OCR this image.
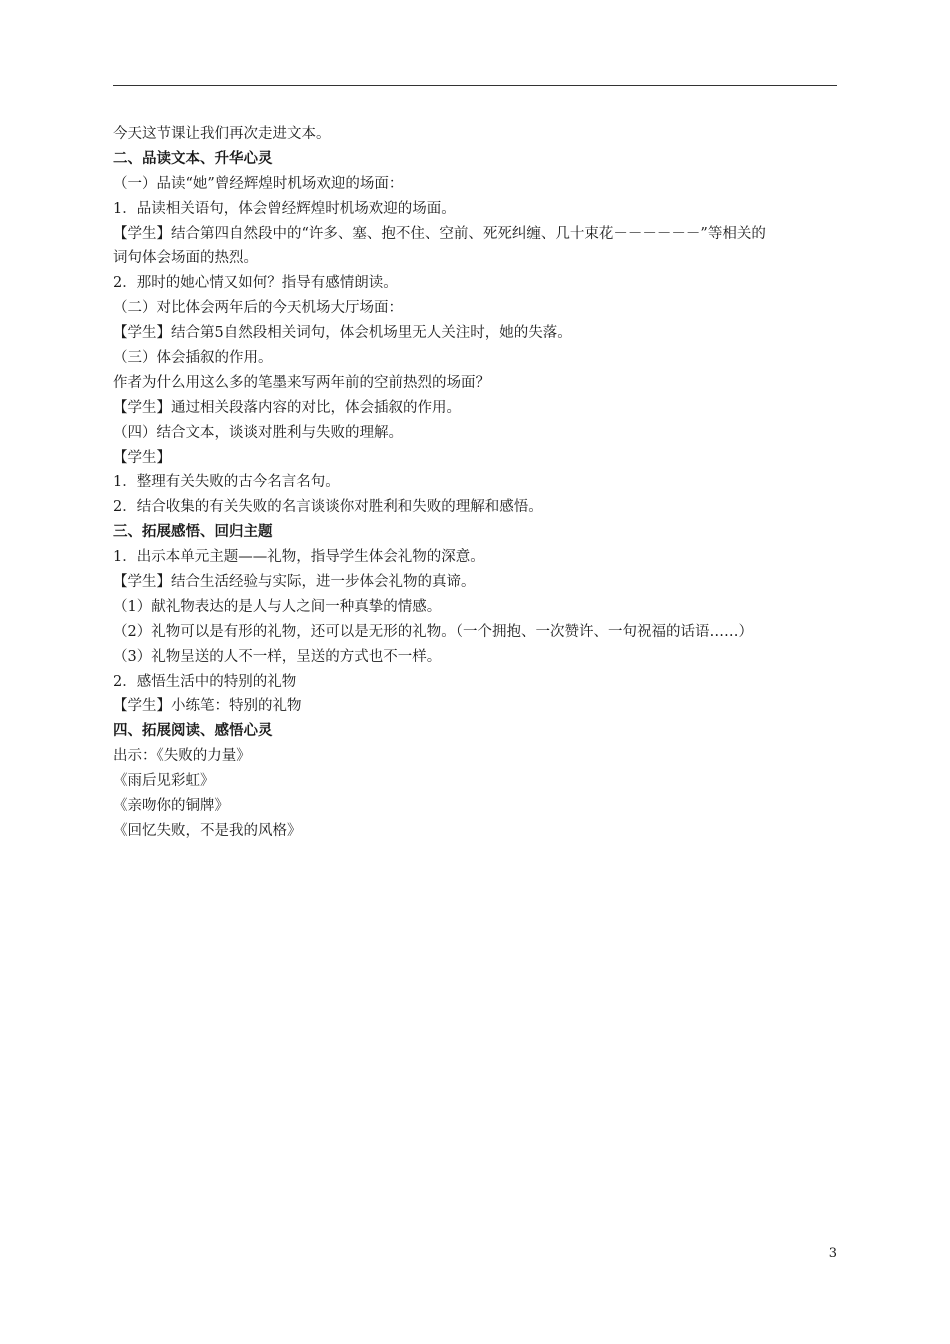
今天这节课让我们再次走进文本。
二、品读文本、升华心灵
（一）品读“她”曾经辉煌时机场欢迎的场面：
1．品读相关语句，体会曾经辉煌时机场欢迎的场面。
【学生】结合第四自然段中的“许多、塞、抱不住、空前、死死纠缠、几十束花－－－－－－”等相关的
词句体会场面的热烈。
2．那时的她心情又如何？指导有感情朗读。
（二）对比体会两年后的今天机场大厅场面：
【学生】结合第5自然段相关词句，体会机场里无人关注时，她的失落。
（三）体会插叙的作用。
作者为什么用这么多的笔墨来写两年前的空前热烈的场面？
【学生】通过相关段落内容的对比，体会插叙的作用。
（四）结合文本，谈谈对胜利与失败的理解。
【学生】
1．整理有关失败的古今名言名句。
2．结合收集的有关失败的名言谈谈你对胜利和失败的理解和感悟。
三、拓展感悟、回归主题
1．出示本单元主题——礼物，指导学生体会礼物的深意。
【学生】结合生活经验与实际，进一步体会礼物的真谛。
（1）献礼物表达的是人与人之间一种真挚的情感。
（2）礼物可以是有形的礼物，还可以是无形的礼物。（一个拥抱、一次赞许、一句祝福的话语……）
（3）礼物呈送的人不一样，呈送的方式也不一样。
2．感悟生活中的特别的礼物
【学生】小练笔：特别的礼物
四、拓展阅读、感悟心灵
出示：《失败的力量》
《雨后见彩虹》
《亲吻你的铜牌》
《回忆失败，不是我的风格》
3
